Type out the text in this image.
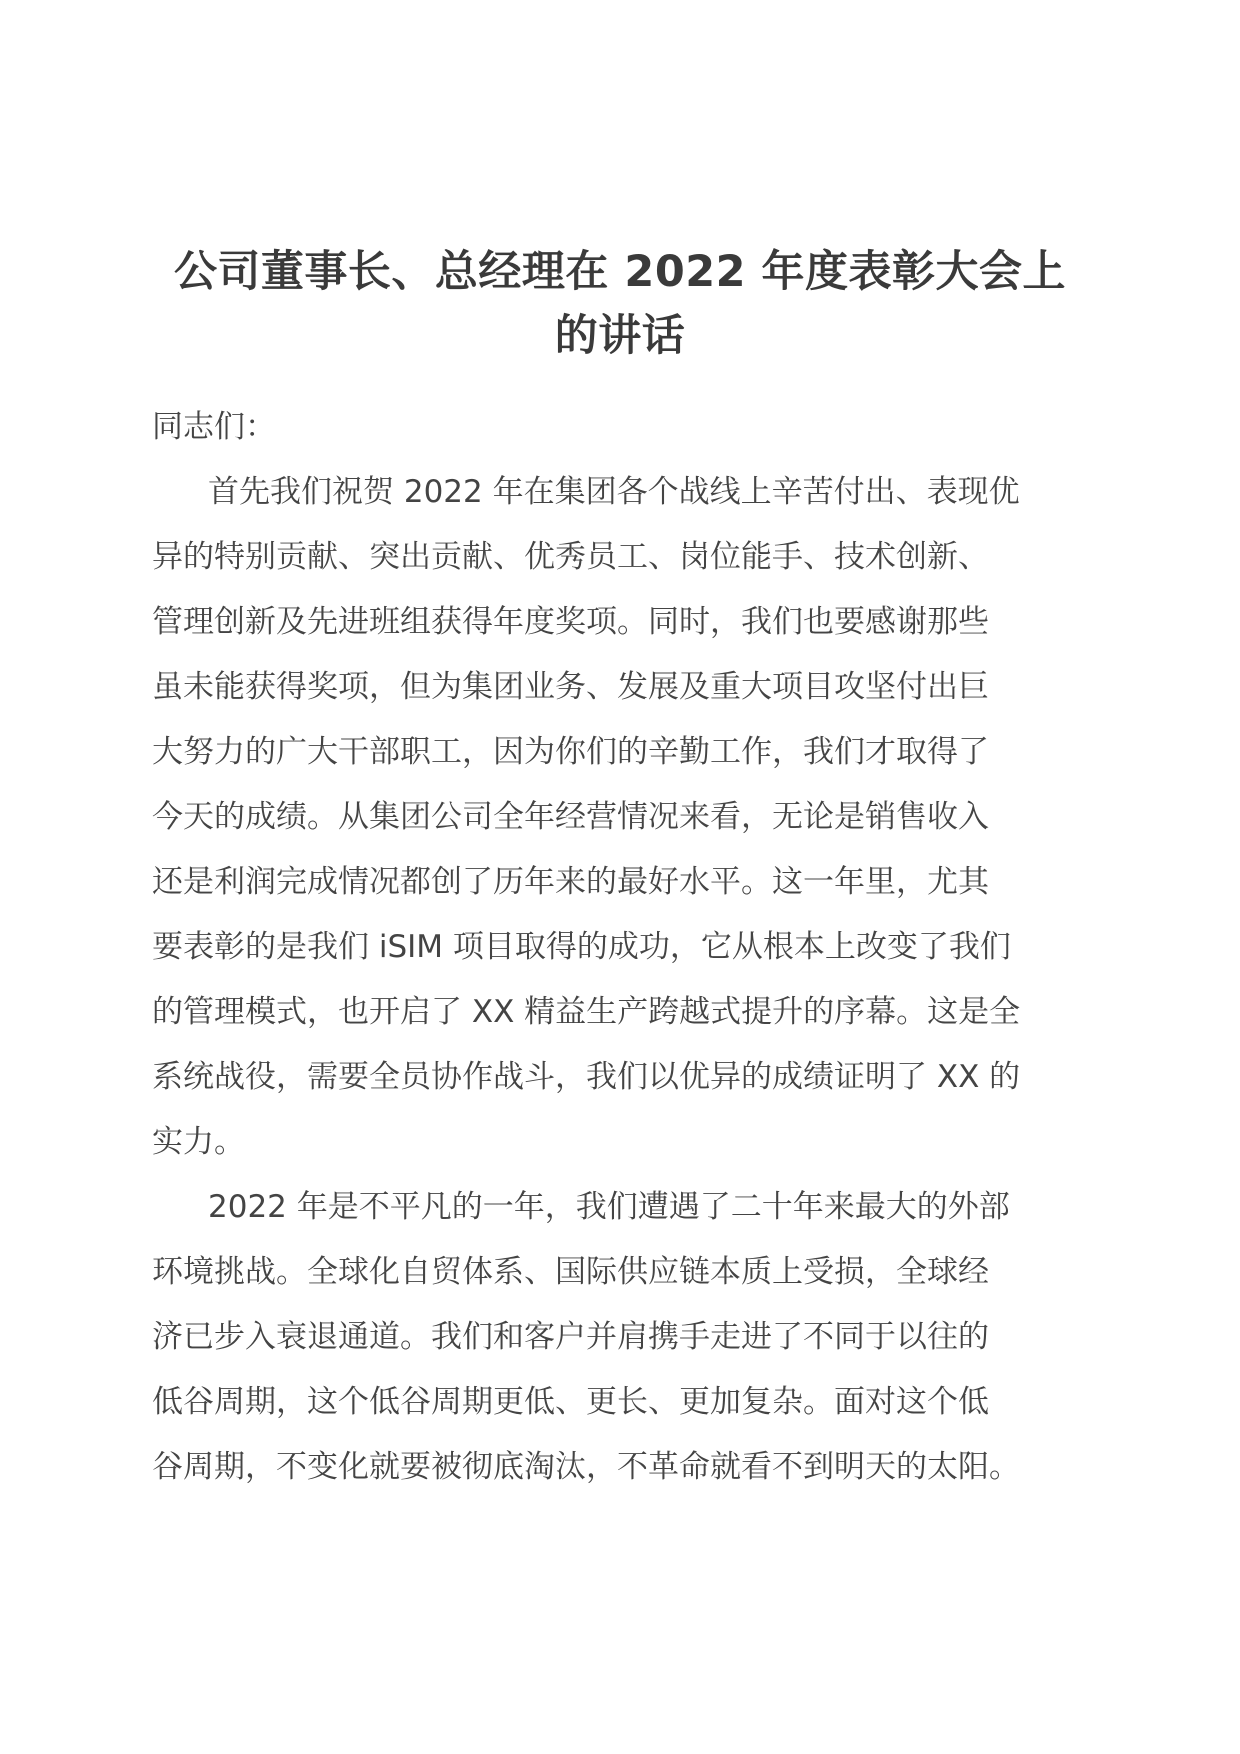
公司董事长、总经理在 2022 年度表彰大会上
的讲话
同志们：
首先我们祝贺 2022 年在集团各个战线上辛苦付出、表现优
异的特别贡献、突出贡献、优秀员工、岗位能手、技术创新、
管理创新及先进班组获得年度奖项。同时，我们也要感谢那些
虽未能获得奖项，但为集团业务、发展及重大项目攻坚付出巨
大努力的广大干部职工，因为你们的辛勤工作，我们才取得了
今天的成绩。从集团公司全年经营情况来看，无论是销售收入
还是利润完成情况都创了历年来的最好水平。这一年里，尤其
要表彰的是我们 iSIM 项目取得的成功，它从根本上改变了我们
的管理模式，也开启了 XX 精益生产跨越式提升的序幕。这是全
系统战役，需要全员协作战斗，我们以优异的成绩证明了 XX 的
实力。
2022 年是不平凡的一年，我们遭遇了二十年来最大的外部
环境挑战。全球化自贸体系、国际供应链本质上受损，全球经
济已步入衰退通道。我们和客户并肩携手走进了不同于以往的
低谷周期，这个低谷周期更低、更长、更加复杂。面对这个低
谷周期，不变化就要被彻底淘汰，不革命就看不到明天的太阳。
